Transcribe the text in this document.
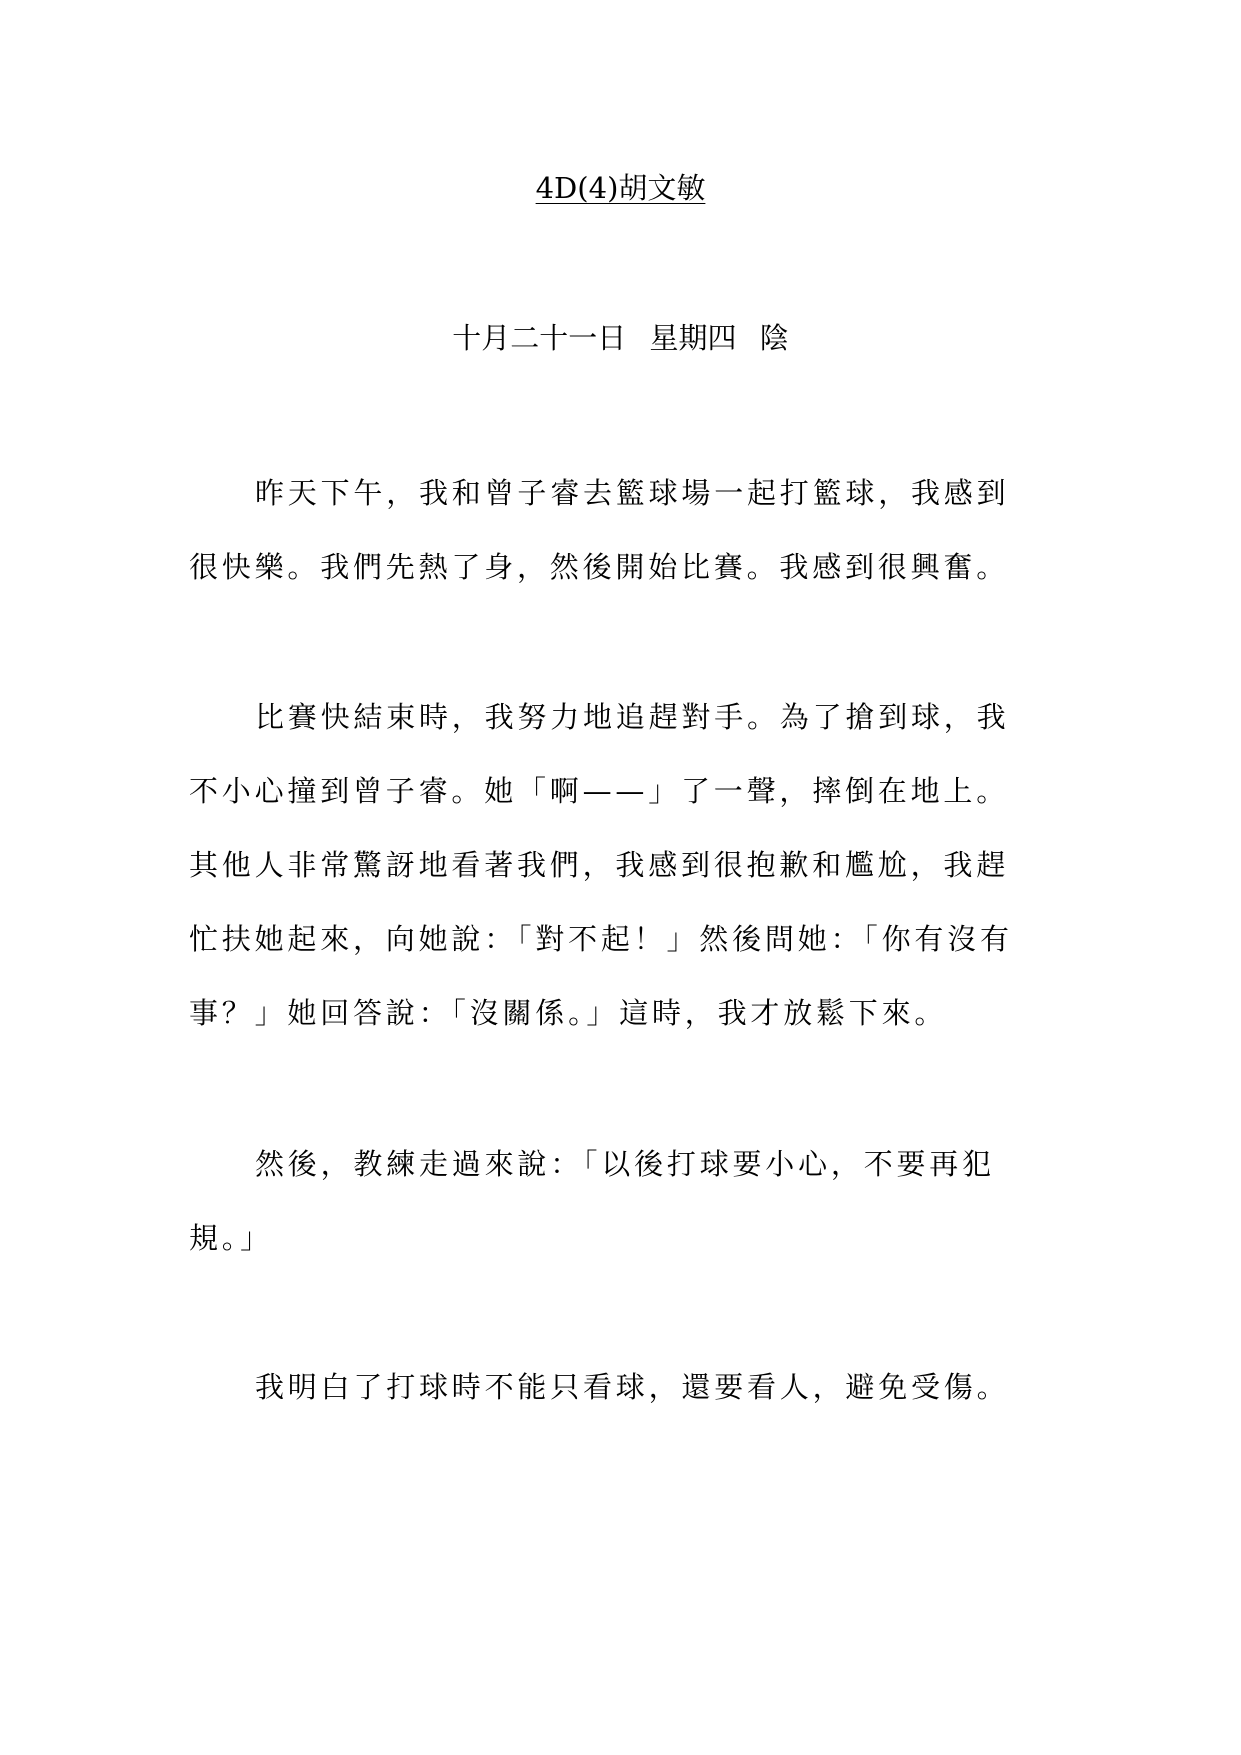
4D(4)胡文敏
十月二十一日 星期四 陰

昨天下午，我和曾子睿去籃球場一起打籃球，我感到
很快樂。我們先熱了身，然後開始比賽。我感到很興奮。

比賽快結束時，我努力地追趕對手。為了搶到球，我
不小心撞到曾子睿。她「啊——」了一聲，摔倒在地上。
其他人非常驚訝地看著我們，我感到很抱歉和尷尬，我趕
忙扶她起來，向她說：「對不起！」然後問她：「你有沒有
事？」她回答說：「沒關係。」這時，我才放鬆下來。

然後，教練走過來說：「以後打球要小心，不要再犯
規。」

我明白了打球時不能只看球，還要看人，避免受傷。
